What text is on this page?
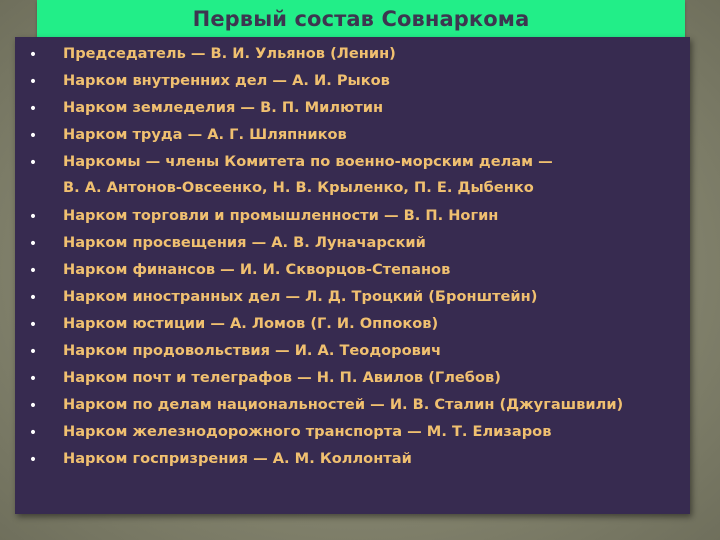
Первый состав Совнаркома
• Председатель — В. И. Ульянов (Ленин)
• Нарком внутренних дел — А. И. Рыков
• Нарком земледелия — В. П. Милютин
• Нарком труда — А. Г. Шляпников
• Наркомы — члены Комитета по военно-морским делам —
В. А. Антонов-Овсеенко, Н. В. Крыленко, П. Е. Дыбенко
• Нарком торговли и промышленности — В. П. Ногин
• Нарком просвещения — А. В. Луначарский
• Нарком финансов — И. И. Скворцов-Степанов
• Нарком иностранных дел — Л. Д. Троцкий (Бронштейн)
• Нарком юстиции — А. Ломов (Г. И. Оппоков)
• Нарком продовольствия — И. А. Теодорович
• Нарком почт и телеграфов — Н. П. Авилов (Глебов)
• Нарком по делам национальностей — И. В. Сталин (Джугашвили)
• Нарком железнодорожного транспорта — М. Т. Елизаров
• Нарком госпризрения — А. М. Коллонтай
